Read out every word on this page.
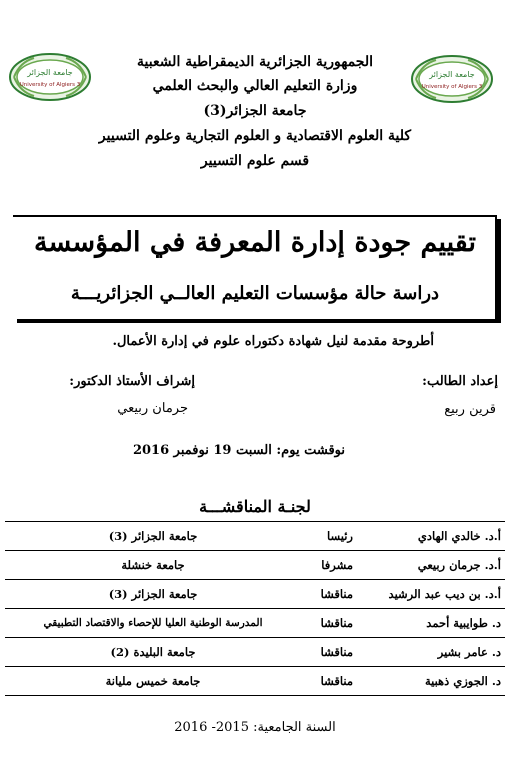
الجمهورية الجزائرية الديمقراطية الشعبية
وزارة التعليم العالي والبحث العلمي
جامعة الجزائر(3)
كلية العلوم الاقتصادية و العلوم التجارية وعلوم التسيير
قسم علوم التسيير
جامعة الجزائر
University of Algiers 3
جامعة الجزائر
University of Algiers 3
تقييم جودة إدارة المعرفة في المؤسسة
دراسة حالة مؤسسات التعليم العالــي الجزائريـــة
أطروحة مقدمة لنيل شهادة دكتوراه علوم في إدارة الأعمال.
إعداد الطالب:
قرين ربيع
إشراف الأستاذ الدكتور:
جرمان ربيعي
نوقشت يوم: السبت 19 نوفمبر 2016
لجنـة المناقشـــة
أ.د. خالدي الهادي	رئيسا	جامعة الجزائر (3)
أ.د. جرمان ربيعي	مشرفا	جامعة خنشلة
أ.د. بن ديب عبد الرشيد	مناقشا	جامعة الجزائر (3)
د. طوايبية أحمد	مناقشا	المدرسة الوطنية العليا للإحصاء والاقتصاد التطبيقي
د. عامر بشير	مناقشا	جامعة البليدة (2)
د. الجوزي ذهبية	مناقشا	جامعة خميس مليانة
السنة الجامعية: 2015- 2016
